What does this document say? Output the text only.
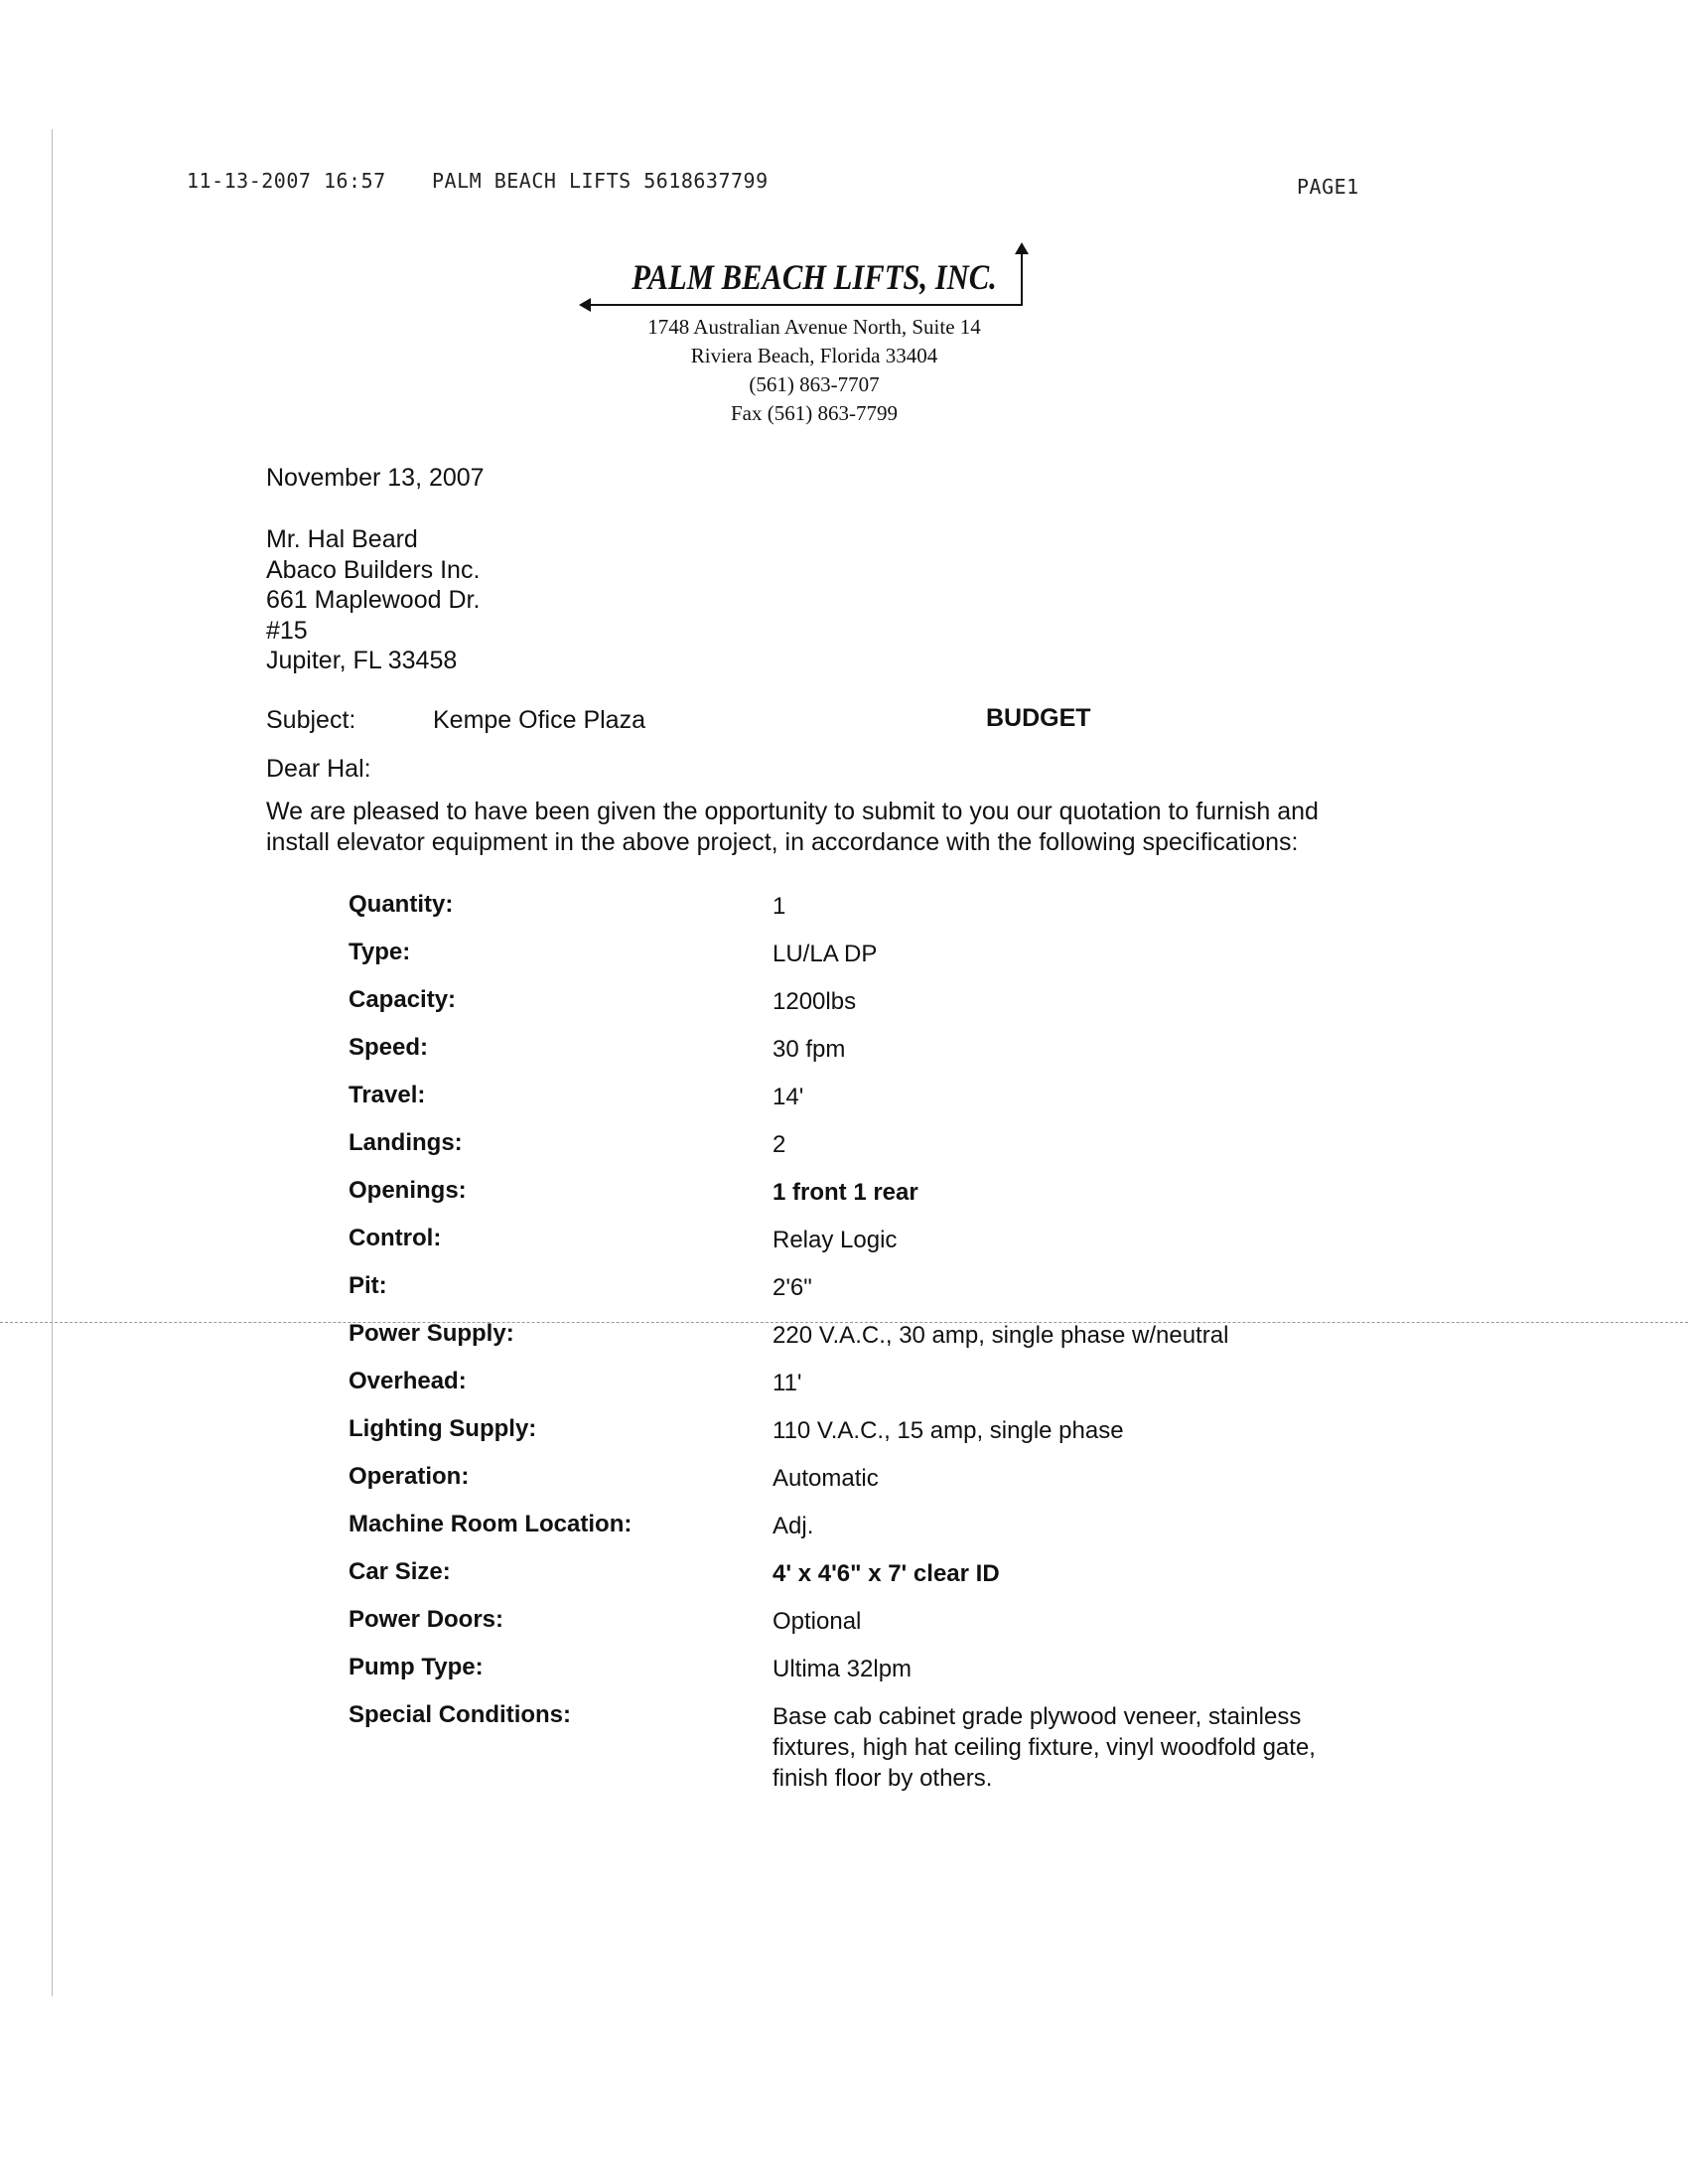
11-13-2007 16:57 PALM BEACH LIFTS 5618637799	PAGE1
PALM BEACH LIFTS, INC.
1748 Australian Avenue North, Suite 14
Riviera Beach, Florida 33404
(561) 863-7707
Fax (561) 863-7799
November 13, 2007
Mr. Hal Beard
Abaco Builders Inc.
661 Maplewood Dr.
#15
Jupiter, FL 33458
Subject:	Kempe Ofice Plaza	BUDGET
Dear Hal:
We are pleased to have been given the opportunity to submit to you our quotation to furnish and
install elevator equipment in the above project, in accordance with the following specifications:
Quantity:	1
Type:	LU/LA DP
Capacity:	1200lbs
Speed:	30 fpm
Travel:	14'
Landings:	2
Openings:	1 front 1 rear
Control:	Relay Logic
Pit:	2'6"
Power Supply:	220 V.A.C., 30 amp, single phase w/neutral
Overhead:	11'
Lighting Supply:	110 V.A.C., 15 amp, single phase
Operation:	Automatic
Machine Room Location:	Adj.
Car Size:	4' x 4'6" x 7' clear ID
Power Doors:	Optional
Pump Type:	Ultima 32lpm
Special Conditions:	Base cab cabinet grade plywood veneer, stainless fixtures, high hat ceiling fixture, vinyl woodfold gate, finish floor by others.
